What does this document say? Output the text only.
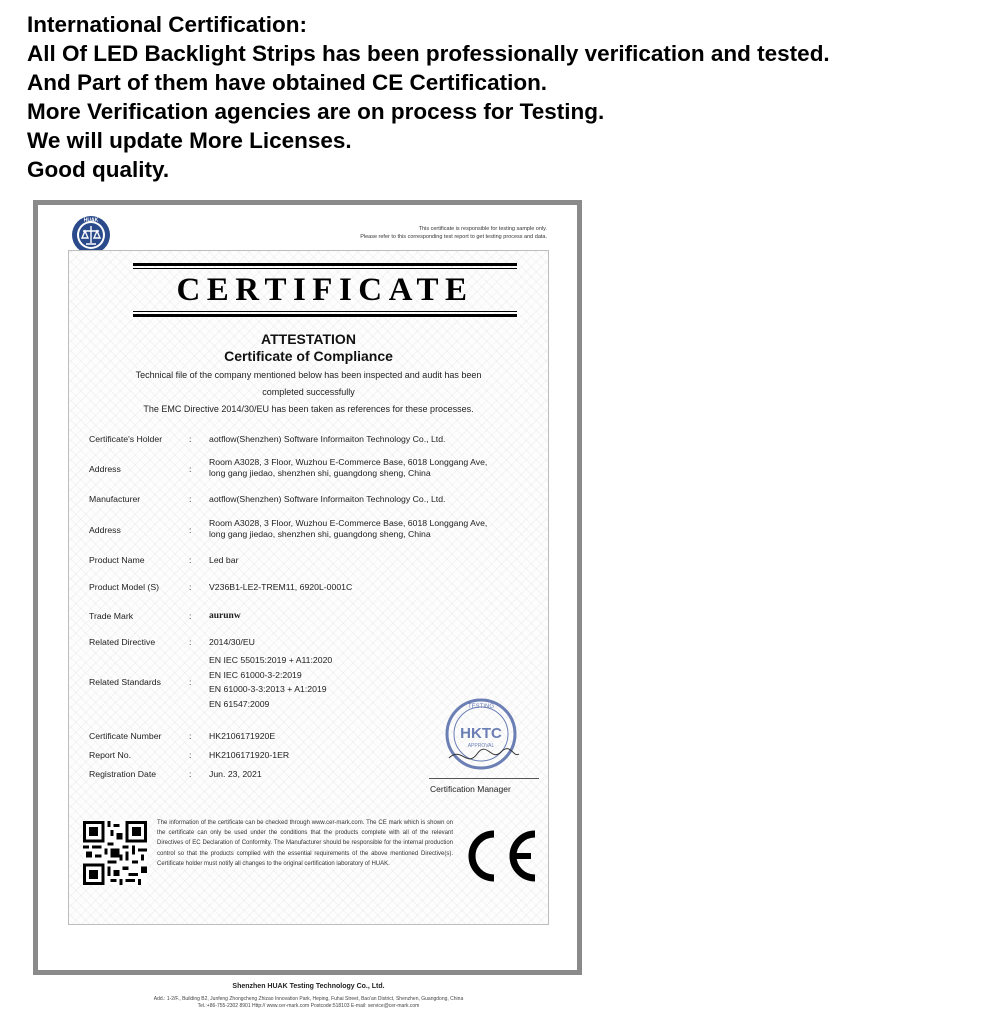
International Certification:
All Of LED Backlight Strips has been professionally verification and tested.
And Part of them have obtained CE Certification.
More Verification agencies are on process for Testing.
We will update More Licenses.
Good quality.
HUAK
This certificate is responsible for testing sample only.
Please refer to this corresponding test report to get testing process and data.
CERTIFICATE
ATTESTATION
Certificate of Compliance
Technical file of the company mentioned below has been inspected and audit has been
completed successfully
The EMC Directive 2014/30/EU has been taken as references for these processes.
Certificate's Holder	: aotflow(Shenzhen) Software Informaiton Technology Co., Ltd.
Address	:
Room A3028, 3 Floor, Wuzhou E-Commerce Base, 6018 Longgang Ave,
long gang jiedao, shenzhen shi, guangdong sheng, China
Manufacturer	: aotflow(Shenzhen) Software Informaiton Technology Co., Ltd.
Address	:
Room A3028, 3 Floor, Wuzhou E-Commerce Base, 6018 Longgang Ave,
long gang jiedao, shenzhen shi, guangdong sheng, China
Product Name	: Led bar
Product Model (S)	: V236B1-LE2-TREM11, 6920L-0001C
Trade Mark	: aurunw
Related Directive	: 2014/30/EU
Related Standards	:
EN IEC 55015:2019 + A11:2020
EN IEC 61000-3-2:2019
EN 61000-3-3:2013 + A1:2019
EN 61547:2009
Certificate Number	: HK2106171920E
Report No.	: HK2106171920-1ER
Registration Date	: Jun. 23, 2021
TESTING
HKTC
APPROVAL
Certification Manager
The information of the certificate can be checked through www.cer-mark.com. The CE mark which is shown on the certificate can only be used under the conditions that the products complete with all of the relevant Directives of EC Declaration of Conformity. The Manufacturer should be responsible for the internal production control so that the products complied with the essential requirements of the above mentioned Directive(s). Certificate holder must notify all changes to the original certification laboratory of HUAK.
Shenzhen HUAK Testing Technology Co., Ltd.
Add.: 1-2/F., Building B2, Junfeng Zhongcheng Zhizao Innovation Park, Heping, Fuhai Street, Bao'an District, Shenzhen, Guangdong, China
Tel.:+86-755-2302 8901 Http:// www.cer-mark.com Postcode:518103 E-mail: service@cer-mark.com
